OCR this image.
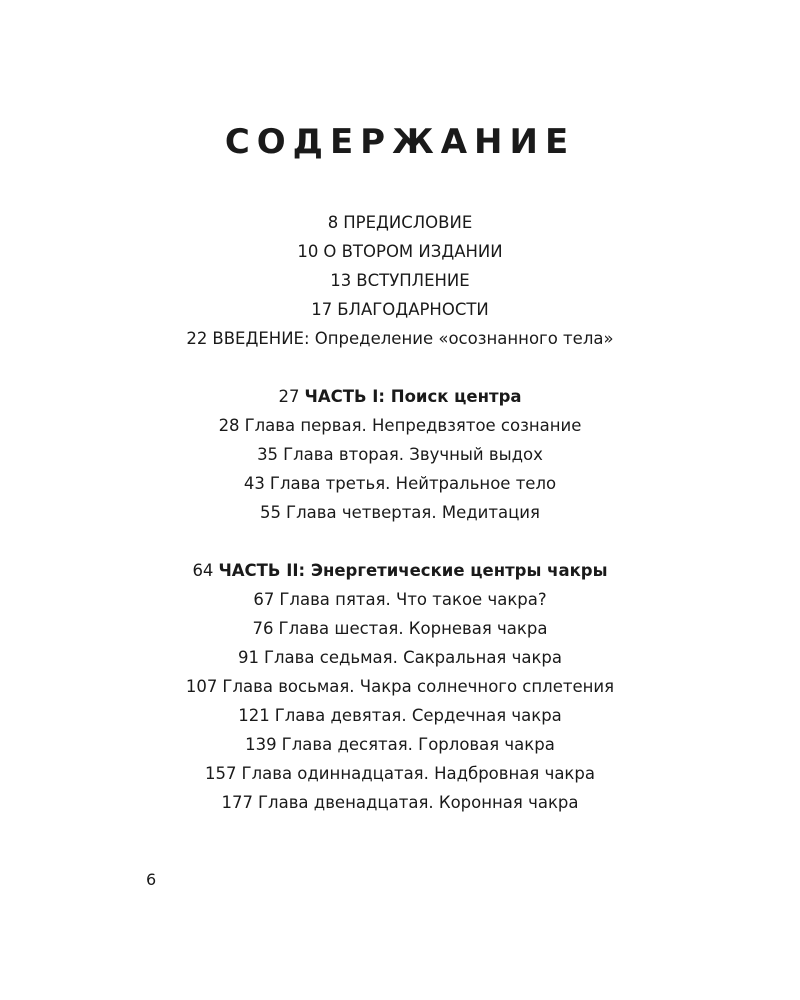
СОДЕРЖАНИЕ
8 ПРЕДИСЛОВИЕ
10 О ВТОРОМ ИЗДАНИИ
13 ВСТУПЛЕНИЕ
17 БЛАГОДАРНОСТИ
22 ВВЕДЕНИЕ: Определение «осознанного тела»
27 ЧАСТЬ I: Поиск центра
28 Глава первая. Непредвзятое сознание
35 Глава вторая. Звучный выдох
43 Глава третья. Нейтральное тело
55 Глава четвертая. Медитация
64 ЧАСТЬ II: Энергетические центры чакры
67 Глава пятая. Что такое чакра?
76 Глава шестая. Корневая чакра
91 Глава седьмая. Сакральная чакра
107 Глава восьмая. Чакра солнечного сплетения
121 Глава девятая. Сердечная чакра
139 Глава десятая. Горловая чакра
157 Глава одиннадцатая. Надбровная чакра
177 Глава двенадцатая. Коронная чакра
6
